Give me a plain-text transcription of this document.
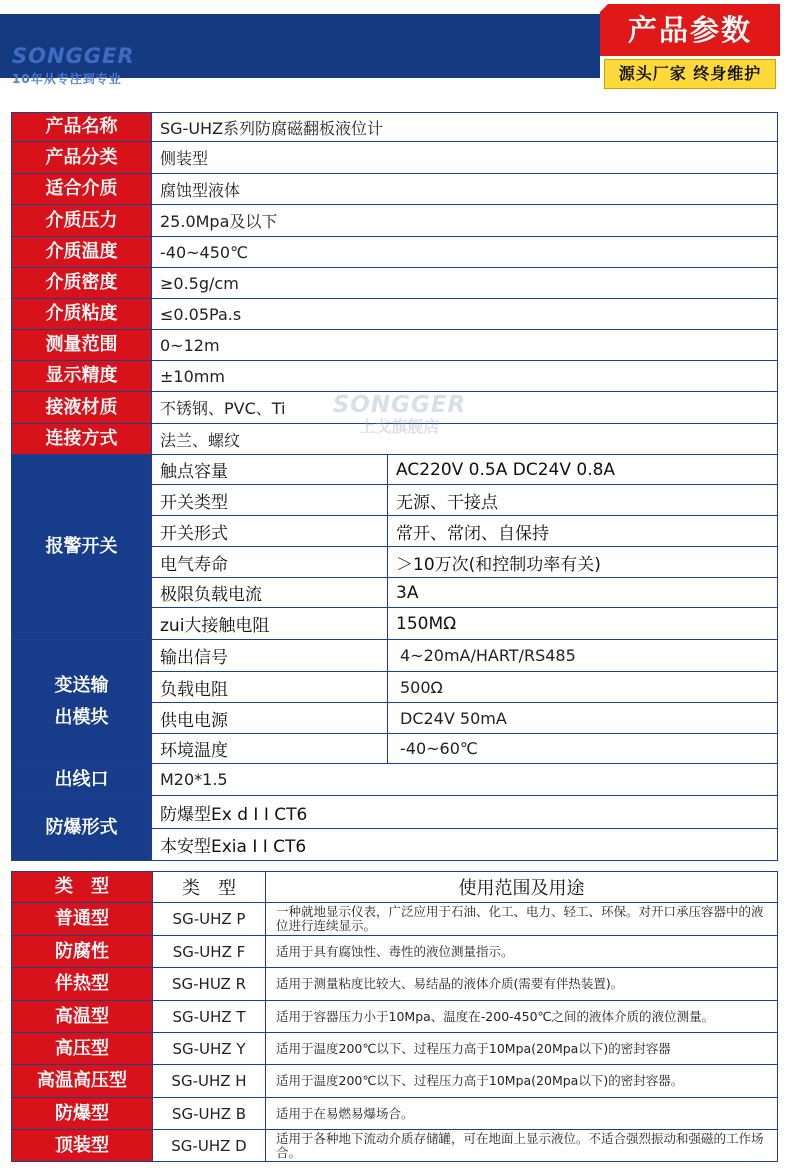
SONGGER
10年从专注到专业
产品参数
源头厂家 终身维护
产品名称	SG-UHZ系列防腐磁翻板液位计
产品分类	侧装型
适合介质	腐蚀型液体
介质压力	25.0Mpa及以下
介质温度	-40~450℃
介质密度	≥0.5g/cm
介质粘度	≤0.05Pa.s
测量范围	0~12m
显示精度	±10mm
接液材质	不锈钢、PVC、Ti
连接方式	法兰、螺纹
报警开关
触点容量	AC220V 0.5A DC24V 0.8A
开关类型	无源、干接点
开关形式	常开、常闭、自保持
电气寿命	＞10万次(和控制功率有关)
极限负载电流	3A
zui大接触电阻	150MΩ
变送输
出模块
输出信号	4~20mA/HART/RS485
负载电阻	500Ω
供电电源	DC24V 50mA
环境温度	-40~60℃
出线口	M20*1.5
防爆形式
防爆型Ex d I I CT6
本安型Exia I I CT6
SONGGER
上戈旗舰店
类　型	类　型	使用范围及用途
普通型	SG-UHZ P	一种就地显示仪表，广泛应用于石油、化工、电力、轻工、环保。对开口承压容器中的液位进行连续显示。
防腐性	SG-UHZ F	适用于具有腐蚀性、毒性的液位测量指示。
伴热型	SG-HUZ R	适用于测量粘度比较大、易结晶的液体介质(需要有伴热装置)。
高温型	SG-UHZ T	适用于容器压力小于10Mpa、温度在-200-450℃之间的液体介质的液位测量。
高压型	SG-UHZ Y	适用于温度200℃以下、过程压力高于10Mpa(20Mpa以下)的密封容器
高温高压型	SG-UHZ H	适用于温度200℃以下、过程压力高于10Mpa(20Mpa以下)的密封容器。
防爆型	SG-UHZ B	适用于在易燃易爆场合。
顶装型	SG-UHZ D	适用于各种地下流动介质存储罐，可在地面上显示液位。不适合强烈振动和强磁的工作场合。
